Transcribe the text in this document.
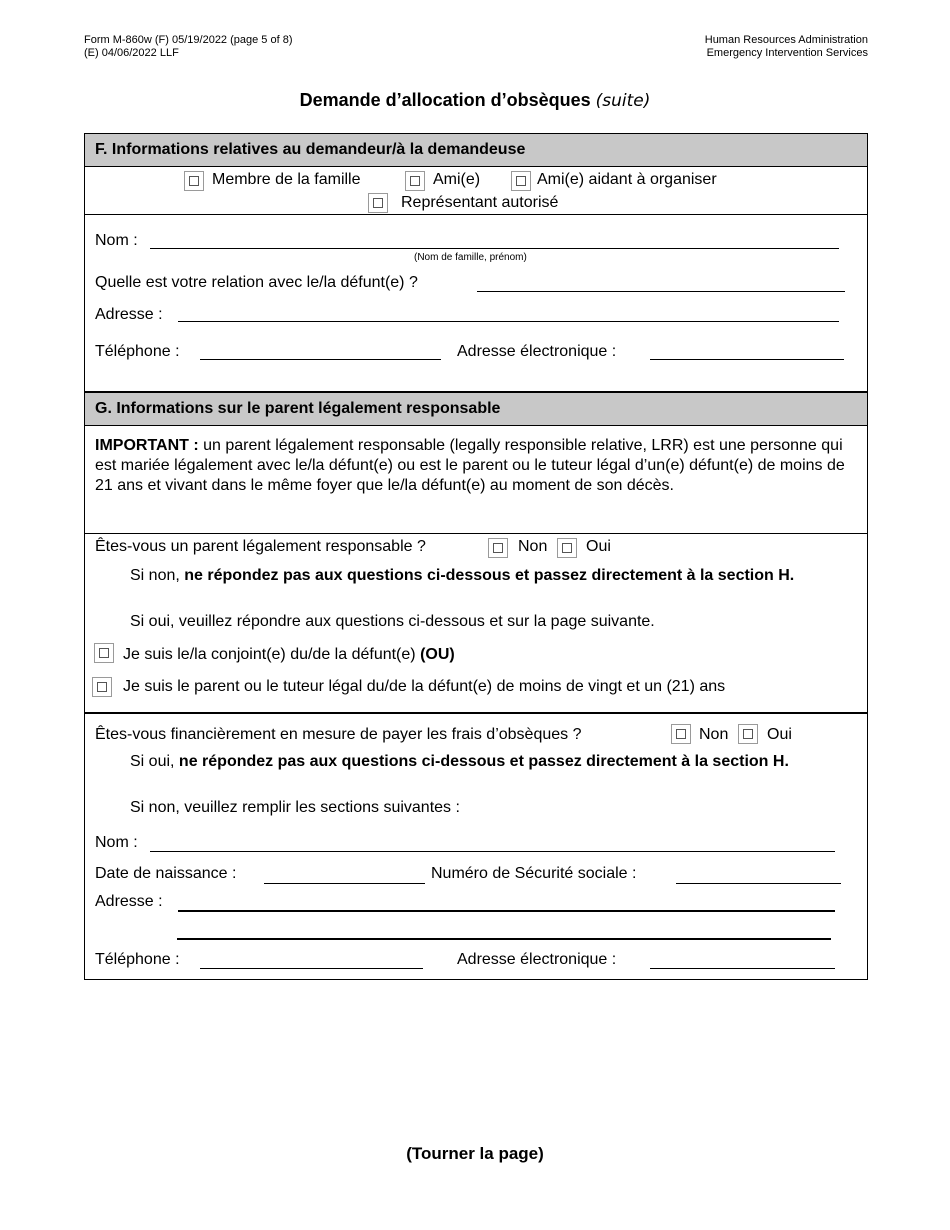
Form M-860w (F) 05/19/2022 (page 5 of 8)
(E) 04/06/2022 LLF
Human Resources Administration
Emergency Intervention Services
Demande d’allocation d’obsèques (suite)
F. Informations relatives au demandeur/à la demandeuse
Membre de la famille	Ami(e)	Ami(e) aidant à organiser
Représentant autorisé
Nom :
(Nom de famille, prénom)
Quelle est votre relation avec le/la défunt(e) ?
Adresse :
Téléphone :	Adresse électronique :
G. Informations sur le parent légalement responsable
IMPORTANT : un parent légalement responsable (legally responsible relative, LRR) est une personne qui est mariée légalement avec le/la défunt(e) ou est le parent ou le tuteur légal d’un(e) défunt(e) de moins de 21 ans et vivant dans le même foyer que le/la défunt(e) au moment de son décès.
Êtes-vous un parent légalement responsable ?	Non Oui
Si non, ne répondez pas aux questions ci-dessous et passez directement à la section H.
Si oui, veuillez répondre aux questions ci-dessous et sur la page suivante.
Je suis le/la conjoint(e) du/de la défunt(e) (OU)
Je suis le parent ou le tuteur légal du/de la défunt(e) de moins de vingt et un (21) ans
Êtes-vous financièrement en mesure de payer les frais d’obsèques ?	Non Oui
Si oui, ne répondez pas aux questions ci-dessous et passez directement à la section H.
Si non, veuillez remplir les sections suivantes :
Nom :
Date de naissance :	Numéro de Sécurité sociale :
Adresse :
Téléphone :	Adresse électronique :
(Tourner la page)
